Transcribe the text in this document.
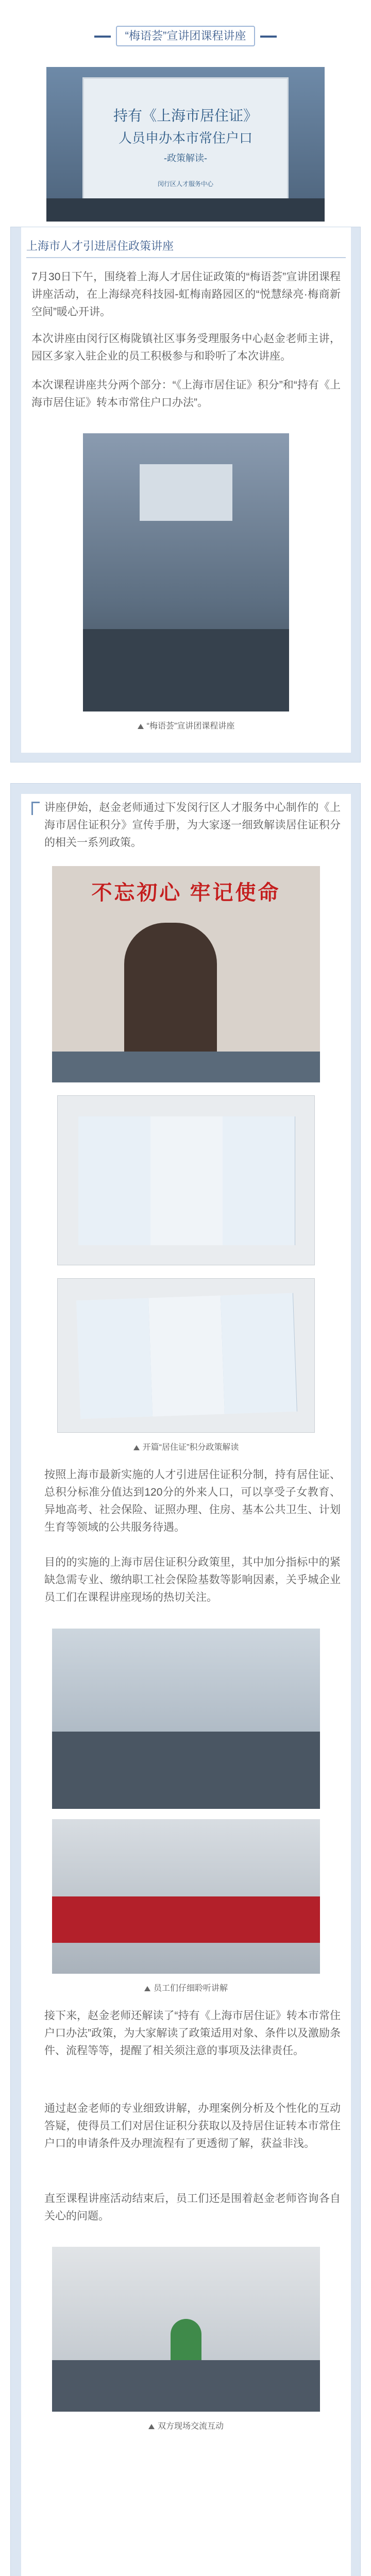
“梅语荟”宣讲团课程讲座
持有《上海市居住证》
人员申办本市常住户口
-政策解读-
闵行区人才服务中心
上海市人才引进居住政策讲座
7月30日下午，围绕着上海人才居住证政策的“梅语荟”宣讲团课程讲座活动，在上海绿亮科技园-虹梅南路园区的“悦慧绿亮·梅商新空间”暖心开讲。
本次讲座由闵行区梅陇镇社区事务受理服务中心赵金老师主讲，园区多家入驻企业的员工积极参与和聆听了本次讲座。
本次课程讲座共分两个部分：“《上海市居住证》积分”和“持有《上海市居住证》转本市常住户口办法”。
“梅语荟”宣讲团课程讲座
讲座伊始，赵金老师通过下发闵行区人才服务中心制作的《上海市居住证积分》宣传手册，为大家逐一细致解读居住证积分的相关一系列政策。
不忘初心 牢记使命
开篇“居住证”积分政策解读
按照上海市最新实施的人才引进居住证积分制，持有居住证、总积分标准分值达到120分的外来人口，可以享受子女教育、异地高考、社会保险、证照办理、住房、基本公共卫生、计划生育等领域的公共服务待遇。
目的的实施的上海市居住证积分政策里，其中加分指标中的紧缺急需专业、缴纳职工社会保险基数等影响因素，关乎城企业员工们在课程讲座现场的热切关注。
员工们仔细聆听讲解
接下来，赵金老师还解读了“持有《上海市居住证》转本市常住户口办法”政策，为大家解读了政策适用对象、条件以及激励条件、流程等等，提醒了相关须注意的事项及法律责任。
通过赵金老师的专业细致讲解，办理案例分析及个性化的互动答疑，使得员工们对居住证积分获取以及持居住证转本市常住户口的申请条件及办理流程有了更透彻了解，获益非浅。
直至课程讲座活动结束后，员工们还是围着赵金老师咨询各自关心的问题。
双方现场交流互动
